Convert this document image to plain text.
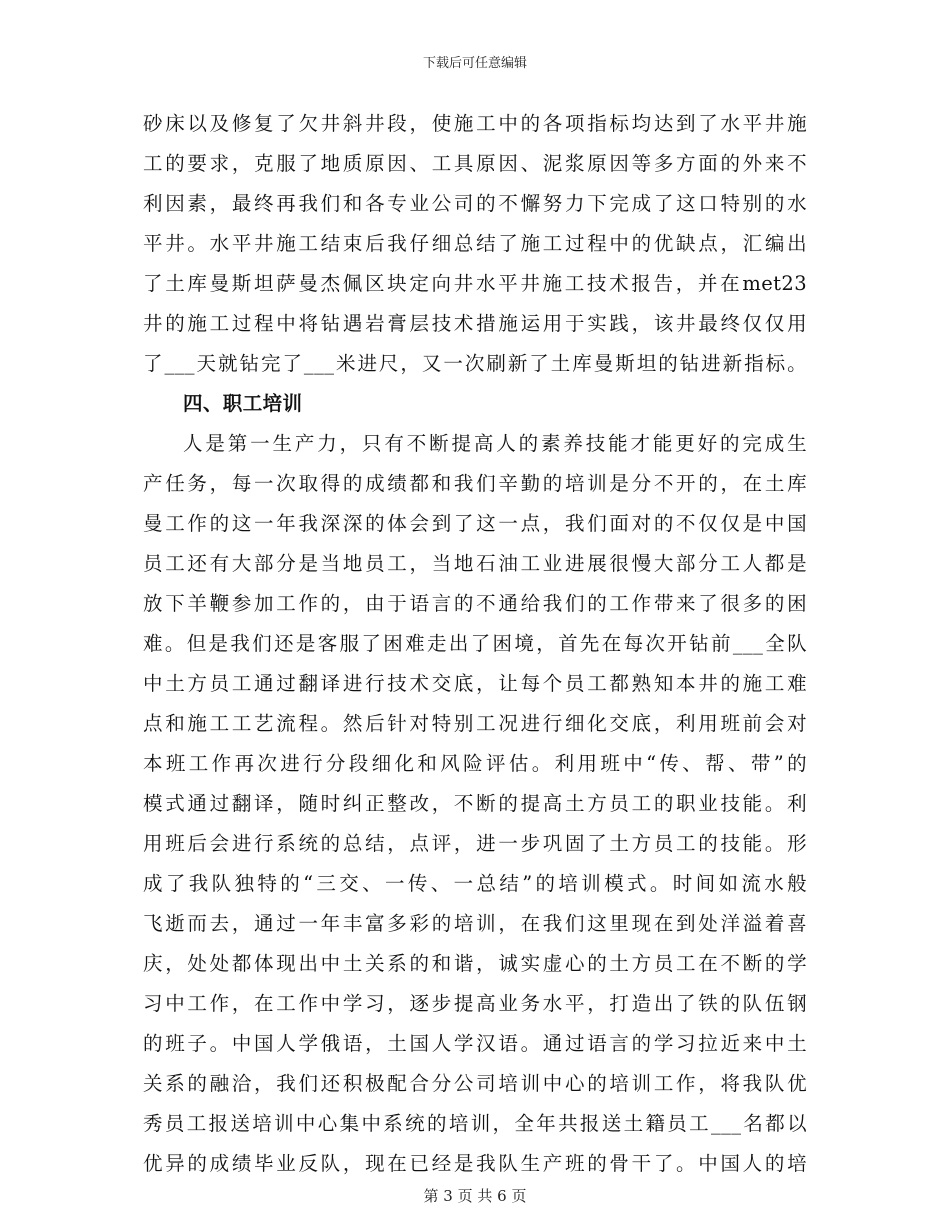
下载后可任意编辑
砂床以及修复了欠井斜井段，使施工中的各项指标均达到了水平井施
工的要求，克服了地质原因、工具原因、泥浆原因等多方面的外来不
利因素，最终再我们和各专业公司的不懈努力下完成了这口特别的水
平井。水平井施工结束后我仔细总结了施工过程中的优缺点，汇编出
了土库曼斯坦萨曼杰佩区块定向井水平井施工技术报告，并在met23
井的施工过程中将钻遇岩膏层技术措施运用于实践，该井最终仅仅用
了___天就钻完了___米进尺，又一次刷新了土库曼斯坦的钻进新指标。
四、职工培训
人是第一生产力，只有不断提高人的素养技能才能更好的完成生
产任务，每一次取得的成绩都和我们辛勤的培训是分不开的，在土库
曼工作的这一年我深深的体会到了这一点，我们面对的不仅仅是中国
员工还有大部分是当地员工，当地石油工业进展很慢大部分工人都是
放下羊鞭参加工作的，由于语言的不通给我们的工作带来了很多的困
难。但是我们还是客服了困难走出了困境，首先在每次开钻前___全队
中土方员工通过翻译进行技术交底，让每个员工都熟知本井的施工难
点和施工工艺流程。然后针对特别工况进行细化交底，利用班前会对
本班工作再次进行分段细化和风险评估。利用班中“传、帮、带”的
模式通过翻译，随时纠正整改，不断的提高土方员工的职业技能。利
用班后会进行系统的总结，点评，进一步巩固了土方员工的技能。形
成了我队独特的“三交、一传、一总结”的培训模式。时间如流水般
飞逝而去，通过一年丰富多彩的培训，在我们这里现在到处洋溢着喜
庆，处处都体现出中土关系的和谐，诚实虚心的土方员工在不断的学
习中工作，在工作中学习，逐步提高业务水平，打造出了铁的队伍钢
的班子。中国人学俄语，土国人学汉语。通过语言的学习拉近来中土
关系的融洽，我们还积极配合分公司培训中心的培训工作，将我队优
秀员工报送培训中心集中系统的培训，全年共报送土籍员工___名都以
优异的成绩毕业反队，现在已经是我队生产班的骨干了。中国人的培
第 3 页 共 6 页
